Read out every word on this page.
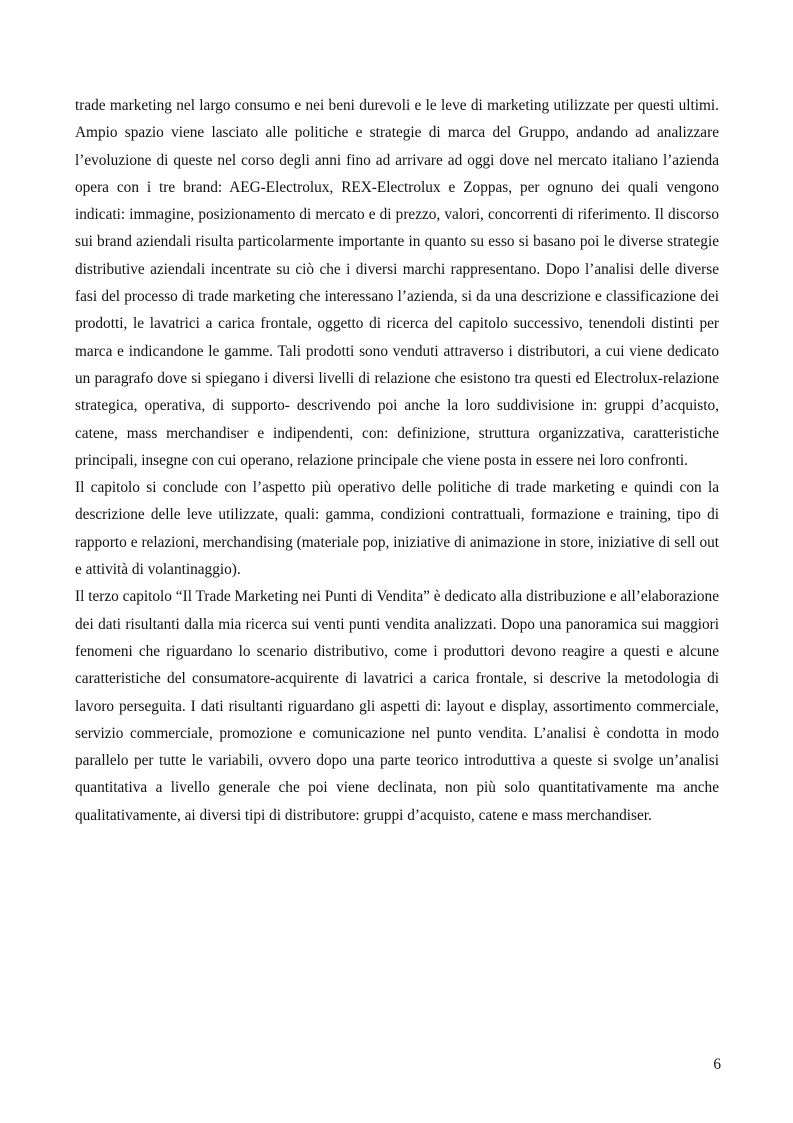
trade marketing nel largo consumo e nei beni durevoli e le leve di marketing utilizzate per questi ultimi. Ampio spazio viene lasciato alle politiche e strategie di marca del Gruppo, andando ad analizzare l’evoluzione di queste nel corso degli anni fino ad arrivare ad oggi dove nel mercato italiano l’azienda opera con i tre brand: AEG-Electrolux, REX-Electrolux e Zoppas, per ognuno dei quali vengono indicati: immagine, posizionamento di mercato e di prezzo, valori, concorrenti di riferimento. Il discorso sui brand aziendali risulta particolarmente importante in quanto su esso si basano poi le diverse strategie distributive aziendali incentrate su ciò che i diversi marchi rappresentano. Dopo l’analisi delle diverse fasi del processo di trade marketing che interessano l’azienda, si da una descrizione e classificazione dei prodotti, le lavatrici a carica frontale, oggetto di ricerca del capitolo successivo, tenendoli distinti per marca e indicandone le gamme. Tali prodotti sono venduti attraverso i distributori, a cui viene dedicato un paragrafo dove si spiegano i diversi livelli di relazione che esistono tra questi ed Electrolux-relazione strategica, operativa, di supporto- descrivendo poi anche la loro suddivisione in: gruppi d’acquisto, catene, mass merchandiser e indipendenti, con: definizione, struttura organizzativa, caratteristiche principali, insegne con cui operano, relazione principale che viene posta in essere nei loro confronti.

Il capitolo si conclude con l’aspetto più operativo delle politiche di trade marketing e quindi con la descrizione delle leve utilizzate, quali: gamma, condizioni contrattuali, formazione e training, tipo di rapporto e relazioni, merchandising (materiale pop, iniziative di animazione in store, iniziative di sell out e attività di volantinaggio).

Il terzo capitolo “Il Trade Marketing nei Punti di Vendita” è dedicato alla distribuzione e all’elaborazione dei dati risultanti dalla mia ricerca sui venti punti vendita analizzati. Dopo una panoramica sui maggiori fenomeni che riguardano lo scenario distributivo, come i produttori devono reagire a questi e alcune caratteristiche del consumatore-acquirente di lavatrici a carica frontale, si descrive la metodologia di lavoro perseguita. I dati risultanti riguardano gli aspetti di: layout e display, assortimento commerciale, servizio commerciale, promozione e comunicazione nel punto vendita. L’analisi è condotta in modo parallelo per tutte le variabili, ovvero dopo una parte teorico introduttiva a queste si svolge un’analisi quantitativa a livello generale che poi viene declinata, non più solo quantitativamente ma anche qualitativamente, ai diversi tipi di distributore: gruppi d’acquisto, catene e mass merchandiser.

6
